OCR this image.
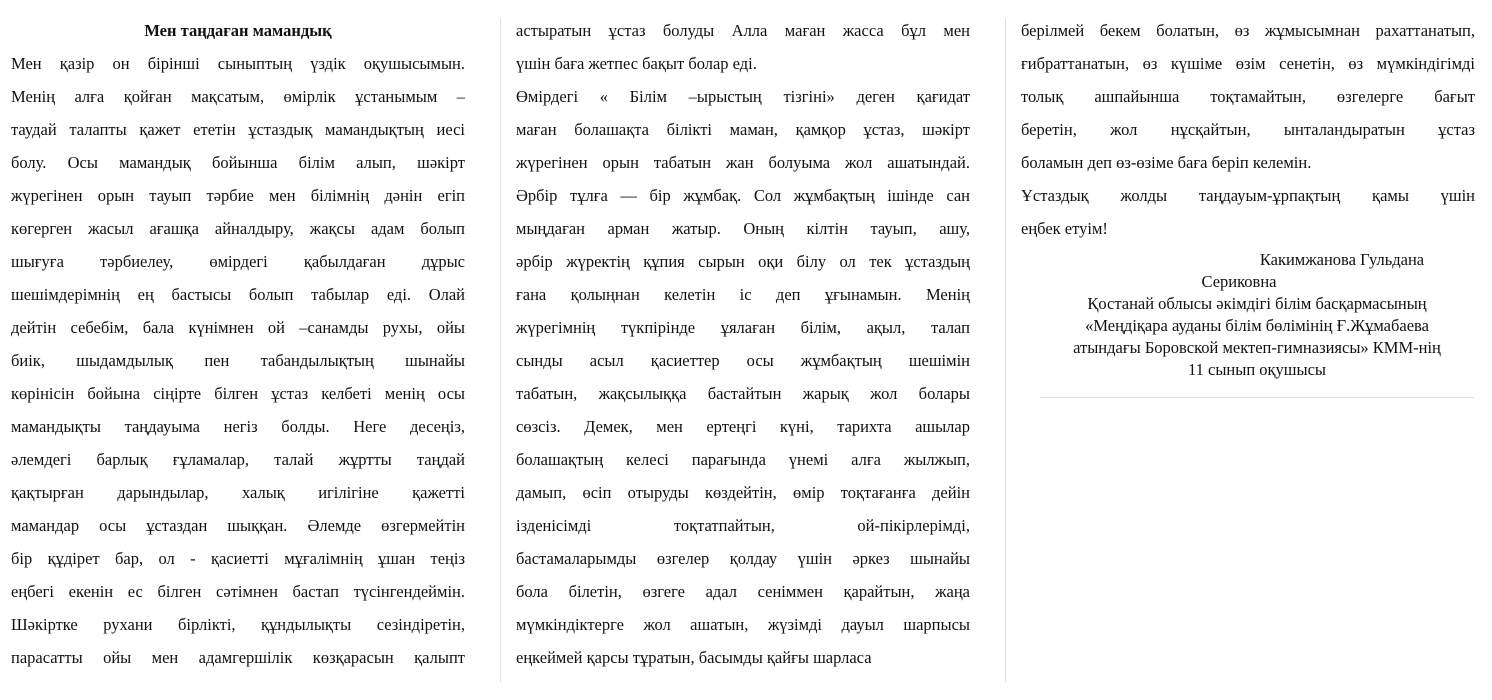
Мен таңдаған мамандық
Мен қазір он бірінші сыныптың үздік оқушысымын.
Менің алға қойған мақсатым, өмірлік ұстанымым –
таудай талапты қажет ететін ұстаздық мамандықтың иесі
болу. Осы мамандық бойынша білім алып, шәкірт
жүрегінен орын тауып тәрбие мен білімнің дәнін егіп
көгерген жасыл ағашқа айналдыру, жақсы адам болып
шығуға тәрбиелеу, өмірдегі қабылдаған дұрыс
шешімдерімнің ең бастысы болып табылар еді. Олай
дейтін себебім, бала күнімнен ой –санамды рухы, ойы
биік, шыдамдылық пен табандылықтың шынайы
көрінісін бойына сіңірте білген ұстаз келбеті менің осы
мамандықты таңдауыма негіз болды. Неге десеңіз,
әлемдегі барлық ғұламалар, талай жұртты таңдай
қақтырған дарындылар, халық игілігіне қажетті
мамандар осы ұстаздан шыққан. Әлемде өзгермейтін
бір құдірет бар, ол - қасиетті мұғалімнің ұшан теңіз
еңбегі екенін ес білген сәтімнен бастап түсінгендеймін.
Шәкіртке рухани бірлікті, құндылықты сезіндіретін,
парасатты ойы мен адамгершілік көзқарасын қалыпт
астыратын ұстаз болуды Алла маған жасса бұл мен
үшін баға жетпес бақыт болар еді.
Өмірдегі « Білім –ырыстың тізгіні» деген қағидат
маған болашақта білікті маман, қамқор ұстаз, шәкірт
жүрегінен орын табатын жан болуыма жол ашатындай.
Әрбір тұлға — бір жұмбақ. Сол жұмбақтың ішінде сан
мыңдаған арман жатыр. Оның кілтін тауып, ашу,
әрбір жүректің құпия сырын оқи білу ол тек ұстаздың
ғана қолыңнан келетін іс деп ұғынамын. Менің
жүрегімнің түкпірінде ұялаған білім, ақыл, талап
сынды асыл қасиеттер осы жұмбақтың шешімін
табатын, жақсылыққа бастайтын жарық жол болары
сөзсіз. Демек, мен ертеңгі күні, тарихта ашылар
болашақтың келесі парағында үнемі алға жылжып,
дамып, өсіп отыруды көздейтін, өмір тоқтағанға дейін
ізденісімді тоқтатпайтын, ой-пікірлерімді,
бастамаларымды өзгелер қолдау үшін әркез шынайы
бола білетін, өзгеге адал сеніммен қарайтын, жаңа
мүмкіндіктерге жол ашатын, жүзімді дауыл шарпысы
еңкеймей қарсы тұратын, басымды қайғы шарласа
берілмей бекем болатын, өз жұмысымнан рахаттанатып,
ғибраттанатын, өз күшіме өзім сенетін, өз мүмкіндігімді
толық ашпайынша тоқтамайтын, өзгелерге бағыт
беретін, жол нұсқайтын, ынталандыратын ұстаз
боламын деп өз-өзіме баға беріп келемін.
Ұстаздық жолды таңдауым-ұрпақтың қамы үшін
еңбек етуім!
Какимжанова Гульдана
Сериковна
Қостанай облысы әкімдігі білім басқармасының
«Меңдіқара ауданы білім бөлімінің Ғ.Жұмабаева
атындағы Боровской мектеп-гимназиясы» КММ-нің
11 сынып оқушысы
